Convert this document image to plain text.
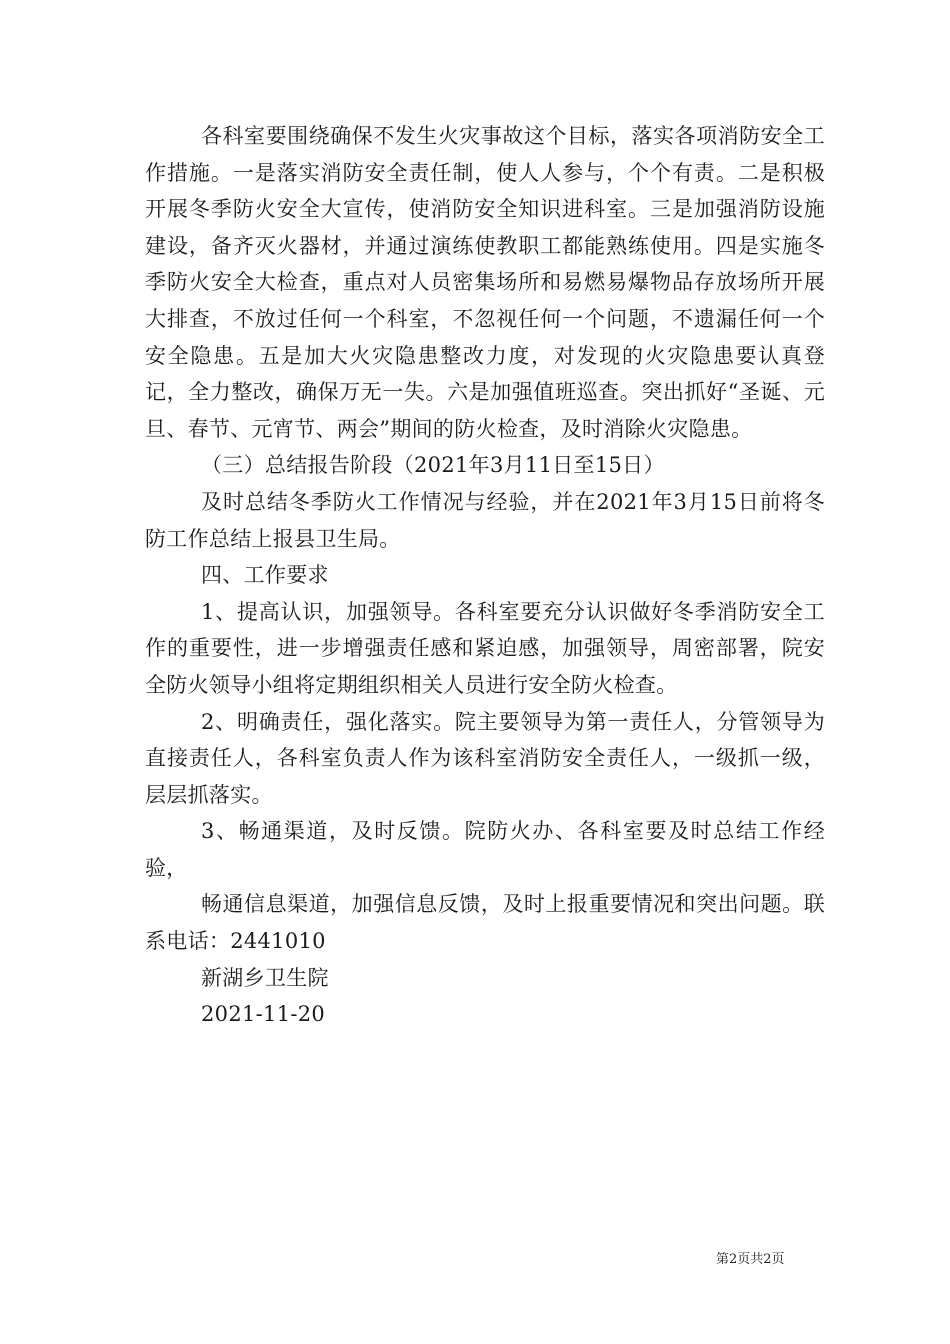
各科室要围绕确保不发生火灾事故这个目标，落实各项消防安全工作措施。一是落实消防安全责任制，使人人参与，个个有责。二是积极开展冬季防火安全大宣传，使消防安全知识进科室。三是加强消防设施建设，备齐灭火器材，并通过演练使教职工都能熟练使用。四是实施冬季防火安全大检查，重点对人员密集场所和易燃易爆物品存放场所开展大排查，不放过任何一个科室，不忽视任何一个问题，不遗漏任何一个安全隐患。五是加大火灾隐患整改力度，对发现的火灾隐患要认真登记，全力整改，确保万无一失。六是加强值班巡查。突出抓好“圣诞、元旦、春节、元宵节、两会”期间的防火检查，及时消除火灾隐患。

（三）总结报告阶段（2021年3月11日至15日）

及时总结冬季防火工作情况与经验，并在2021年3月15日前将冬防工作总结上报县卫生局。

四、工作要求

1、提高认识，加强领导。各科室要充分认识做好冬季消防安全工作的重要性，进一步增强责任感和紧迫感，加强领导，周密部署，院安全防火领导小组将定期组织相关人员进行安全防火检查。

2、明确责任，强化落实。院主要领导为第一责任人，分管领导为直接责任人，各科室负责人作为该科室消防安全责任人，一级抓一级，层层抓落实。

3、畅通渠道，及时反馈。院防火办、各科室要及时总结工作经验，

畅通信息渠道，加强信息反馈，及时上报重要情况和突出问题。联系电话：2441010

新湖乡卫生院

2021-11-20

第2页共2页
